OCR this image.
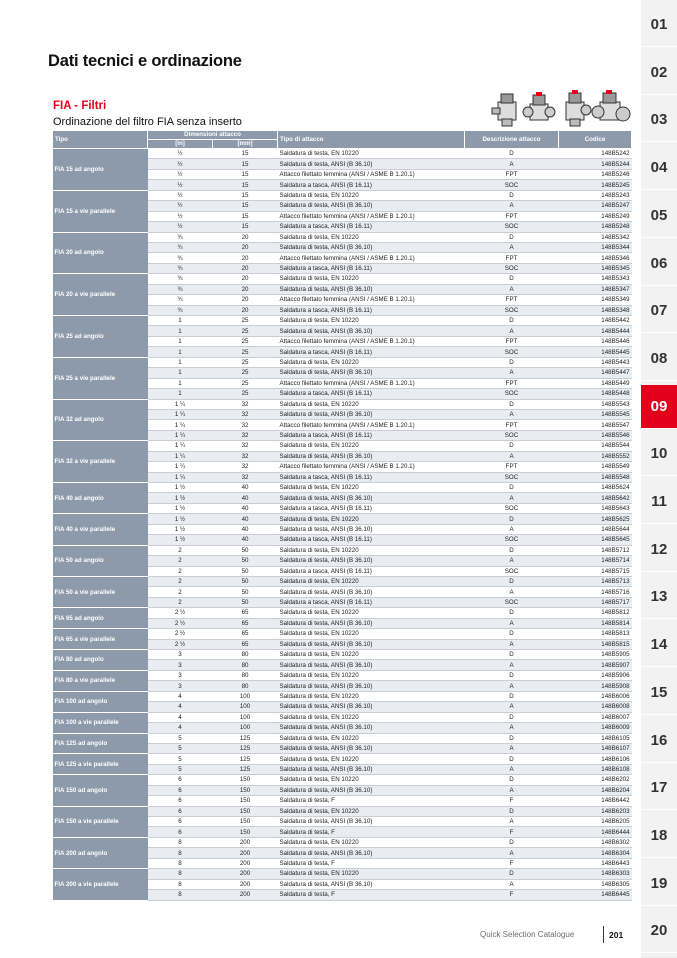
Dati tecnici e ordinazione
FIA - Filtri
Ordinazione del filtro FIA senza inserto
Tipo	Dimensioni attacco		Tipo di attacco	Descrizione attacco	Codice
	[in]	[mm]			
FIA 15 ad angolo	½	15	Saldatura di testa, EN 10220	D	148B5242
	½	15	Saldatura di testa, ANSI (B 36.10)	A	148B5244
	½	15	Attacco filettato femmina (ANSI / ASME B 1.20.1)	FPT	148B5246
	½	15	Saldatura a tasca, ANSI (B 16.11)	SOC	148B5245
FIA 15 a vie parallele	½	15	Saldatura di testa, EN 10220	D	148B5243
	½	15	Saldatura di testa, ANSI (B 36.10)	A	148B5247
	½	15	Attacco filettato femmina (ANSI / ASME B 1.20.1)	FPT	148B5249
	½	15	Saldatura a tasca, ANSI (B 16.11)	SOC	148B5248
FIA 20 ad angolo	¾	20	Saldatura di testa, EN 10220	D	148B5342
	¾	20	Saldatura di testa, ANSI (B 36.10)	A	148B5344
	¾	20	Attacco filettato femmina (ANSI / ASME B 1.20.1)	FPT	148B5346
	¾	20	Saldatura a tasca, ANSI (B 16.11)	SOC	148B5345
FIA 20 a vie parallele	¾	20	Saldatura di testa, EN 10220	D	148B5343
	¾	20	Saldatura di testa, ANSI (B 36.10)	A	148B5347
	¾	20	Attacco filettato femmina (ANSI / ASME B 1.20.1)	FPT	148B5349
	¾	20	Saldatura a tasca, ANSI (B 16.11)	SOC	148B5348
FIA 25 ad angolo	1	25	Saldatura di testa, EN 10220	D	148B5442
	1	25	Saldatura di testa, ANSI (B 36.10)	A	148B5444
	1	25	Attacco filettato femmina (ANSI / ASME B 1.20.1)	FPT	148B5446
	1	25	Saldatura a tasca, ANSI (B 16.11)	SOC	148B5445
FIA 25 a vie parallele	1	25	Saldatura di testa, EN 10220	D	148B5443
	1	25	Saldatura di testa, ANSI (B 36.10)	A	148B5447
	1	25	Attacco filettato femmina (ANSI / ASME B 1.20.1)	FPT	148B5449
	1	25	Saldatura a tasca, ANSI (B 16.11)	SOC	148B5448
FIA 32 ad angolo	1 ¼	32	Saldatura di testa, EN 10220	D	148B5543
	1 ¼	32	Saldatura di testa, ANSI (B 36.10)	A	148B5545
	1 ¼	32	Attacco filettato femmina (ANSI / ASME B 1.20.1)	FPT	148B5547
	1 ¼	32	Saldatura a tasca, ANSI (B 16.11)	SOC	148B5546
FIA 32 a vie parallele	1 ¼	32	Saldatura di testa, EN 10220	D	148B5544
	1 ¼	32	Saldatura di testa, ANSI (B 36.10)	A	148B5552
	1 ¼	32	Attacco filettato femmina (ANSI / ASME B 1.20.1)	FPT	148B5549
	1 ¼	32	Saldatura a tasca, ANSI (B 16.11)	SOC	148B5548
FIA 40 ad angolo	1 ½	40	Saldatura di testa, EN 10220	D	148B5624
	1 ½	40	Saldatura di testa, ANSI (B 36.10)	A	148B5642
	1 ½	40	Saldatura a tasca, ANSI (B 16.11)	SOC	148B5643
FIA 40 a vie parallele	1 ½	40	Saldatura di testa, EN 10220	D	148B5625
	1 ½	40	Saldatura di testa, ANSI (B 36.10)	A	148B5644
	1 ½	40	Saldatura a tasca, ANSI (B 16.11)	SOC	148B5645
FIA 50 ad angolo	2	50	Saldatura di testa, EN 10220	D	148B5712
	2	50	Saldatura di testa, ANSI (B 36.10)	A	148B5714
	2	50	Saldatura a tasca, ANSI (B 16.11)	SOC	148B5715
FIA 50 a vie parallele	2	50	Saldatura di testa, EN 10220	D	148B5713
	2	50	Saldatura di testa, ANSI (B 36.10)	A	148B5716
	2	50	Saldatura a tasca, ANSI (B 16.11)	SOC	148B5717
FIA 65 ad angolo	2 ½	65	Saldatura di testa, EN 10220	D	148B5812
	2 ½	65	Saldatura di testa, ANSI (B 36.10)	A	148B5814
FIA 65 a vie parallele	2 ½	65	Saldatura di testa, EN 10220	D	148B5813
	2 ½	65	Saldatura di testa, ANSI (B 36.10)	A	148B5815
FIA 80 ad angolo	3	80	Saldatura di testa, EN 10220	D	148B5905
	3	80	Saldatura di testa, ANSI (B 36.10)	A	148B5907
FIA 80 a vie parallele	3	80	Saldatura di testa, EN 10220	D	148B5906
	3	80	Saldatura di testa, ANSI (B 36.10)	A	148B5908
FIA 100 ad angolo	4	100	Saldatura di testa, EN 10220	D	148B6006
	4	100	Saldatura di testa, ANSI (B 36.10)	A	148B6008
FIA 100 a vie parallele	4	100	Saldatura di testa, EN 10220	D	148B6007
	4	100	Saldatura di testa, ANSI (B 36.10)	A	148B6009
FIA 125 ad angolo	5	125	Saldatura di testa, EN 10220	D	148B6105
	5	125	Saldatura di testa, ANSI (B 36.10)	A	148B6107
FIA 125 a vie parallele	5	125	Saldatura di testa, EN 10220	D	148B6106
	5	125	Saldatura di testa, ANSI (B 36.10)	A	148B6108
FIA 150 ad angolo	6	150	Saldatura di testa, EN 10220	D	148B6202
	6	150	Saldatura di testa, ANSI (B 36.10)	A	148B6204
	6	150	Saldatura di testa, F	F	148B6442
FIA 150 a vie parallele	6	150	Saldatura di testa, EN 10220	D	148B6203
	6	150	Saldatura di testa, ANSI (B 36.10)	A	148B6205
	6	150	Saldatura di testa, F	F	148B6444
FIA 200 ad angolo	8	200	Saldatura di testa, EN 10220	D	148B6302
	8	200	Saldatura di testa, ANSI (B 36.10)	A	148B6304
	8	200	Saldatura di testa, F	F	148B6443
FIA 200 a vie parallele	8	200	Saldatura di testa, EN 10220	D	148B6303
	8	200	Saldatura di testa, ANSI (B 36.10)	A	148B6305
	8	200	Saldatura di testa, F	F	148B6445
01
02
03
04
05
06
07
08
09
10
11
12
13
14
15
16
17
18
19
20
Quick Selection Catalogue	201
